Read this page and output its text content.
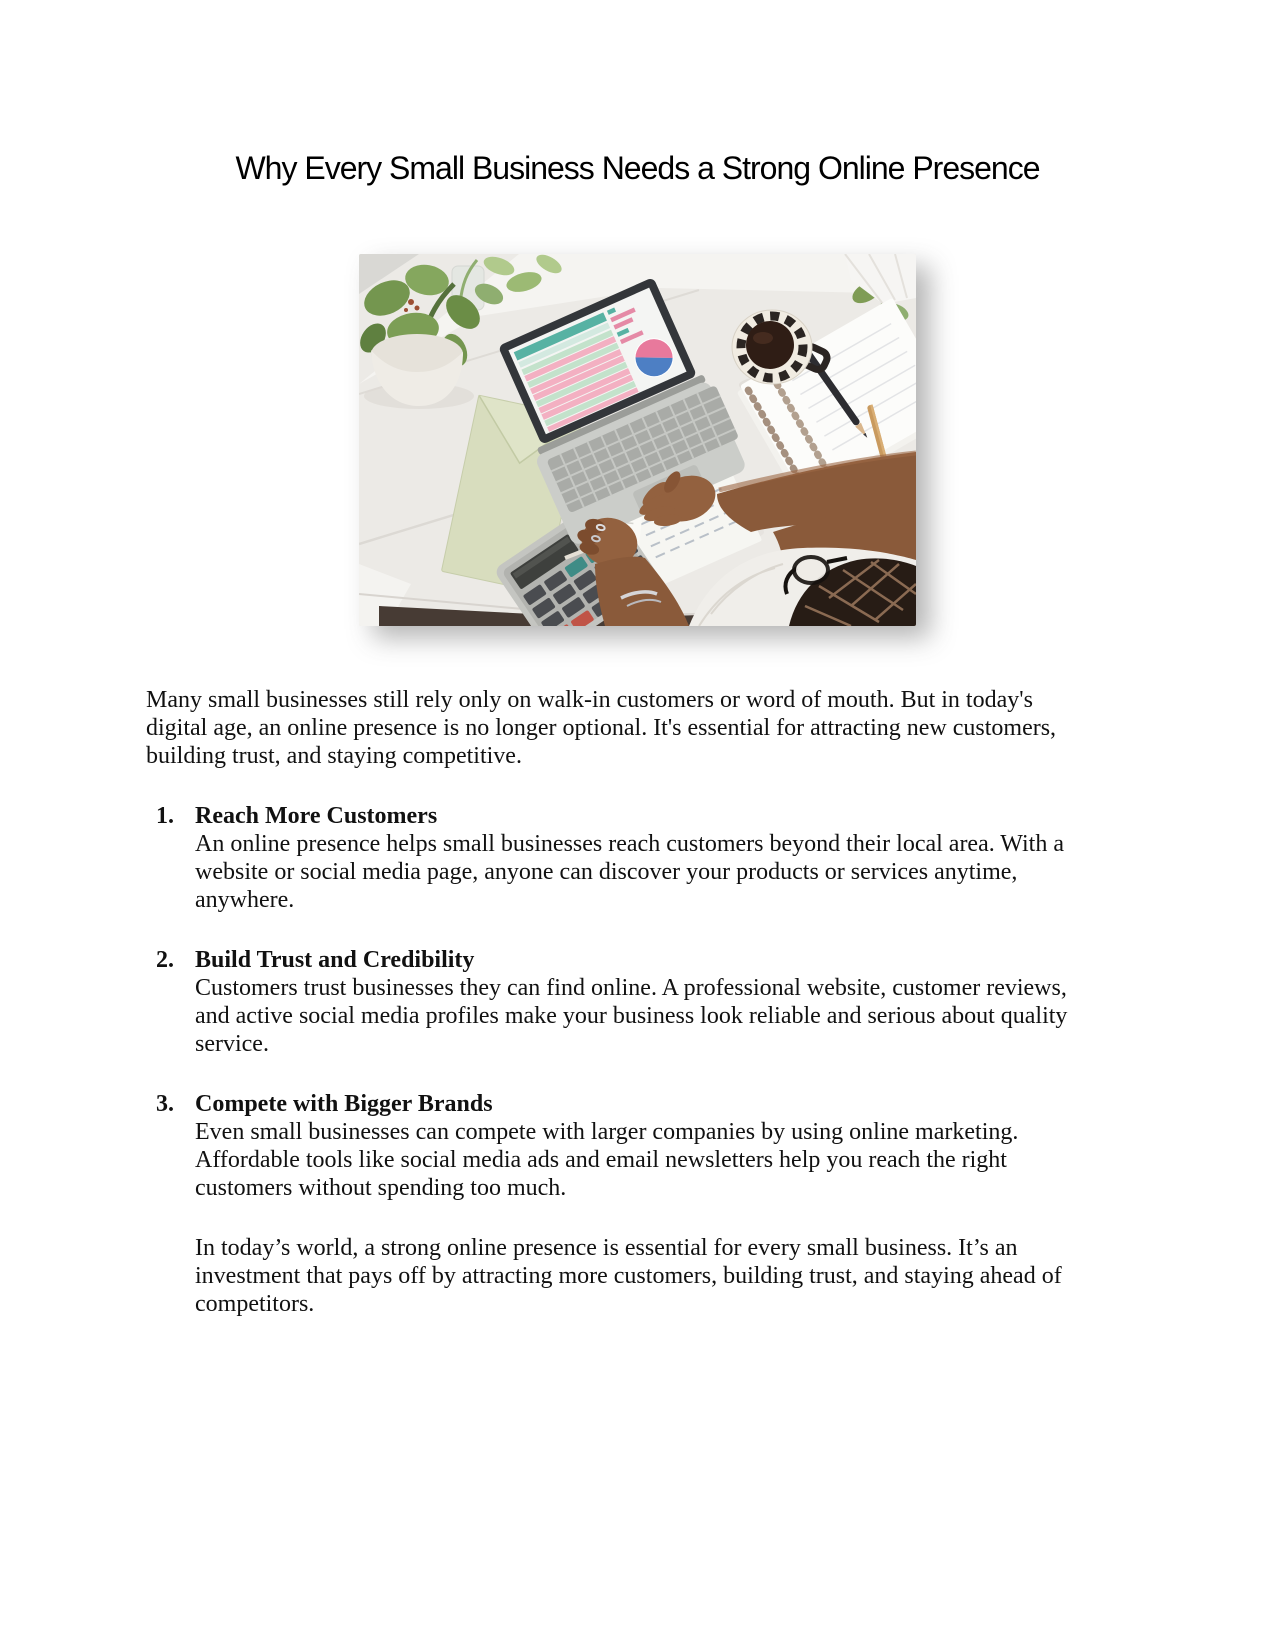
Why Every Small Business Needs a Strong Online Presence
Many small businesses still rely only on walk-in customers or word of mouth. But in today's
digital age, an online presence is no longer optional. It's essential for attracting new customers,
building trust, and staying competitive.
1. Reach More Customers
An online presence helps small businesses reach customers beyond their local area. With a
website or social media page, anyone can discover your products or services anytime,
anywhere.
2. Build Trust and Credibility
Customers trust businesses they can find online. A professional website, customer reviews,
and active social media profiles make your business look reliable and serious about quality
service.
3. Compete with Bigger Brands
Even small businesses can compete with larger companies by using online marketing.
Affordable tools like social media ads and email newsletters help you reach the right
customers without spending too much.
In today’s world, a strong online presence is essential for every small business. It’s an
investment that pays off by attracting more customers, building trust, and staying ahead of
competitors.
